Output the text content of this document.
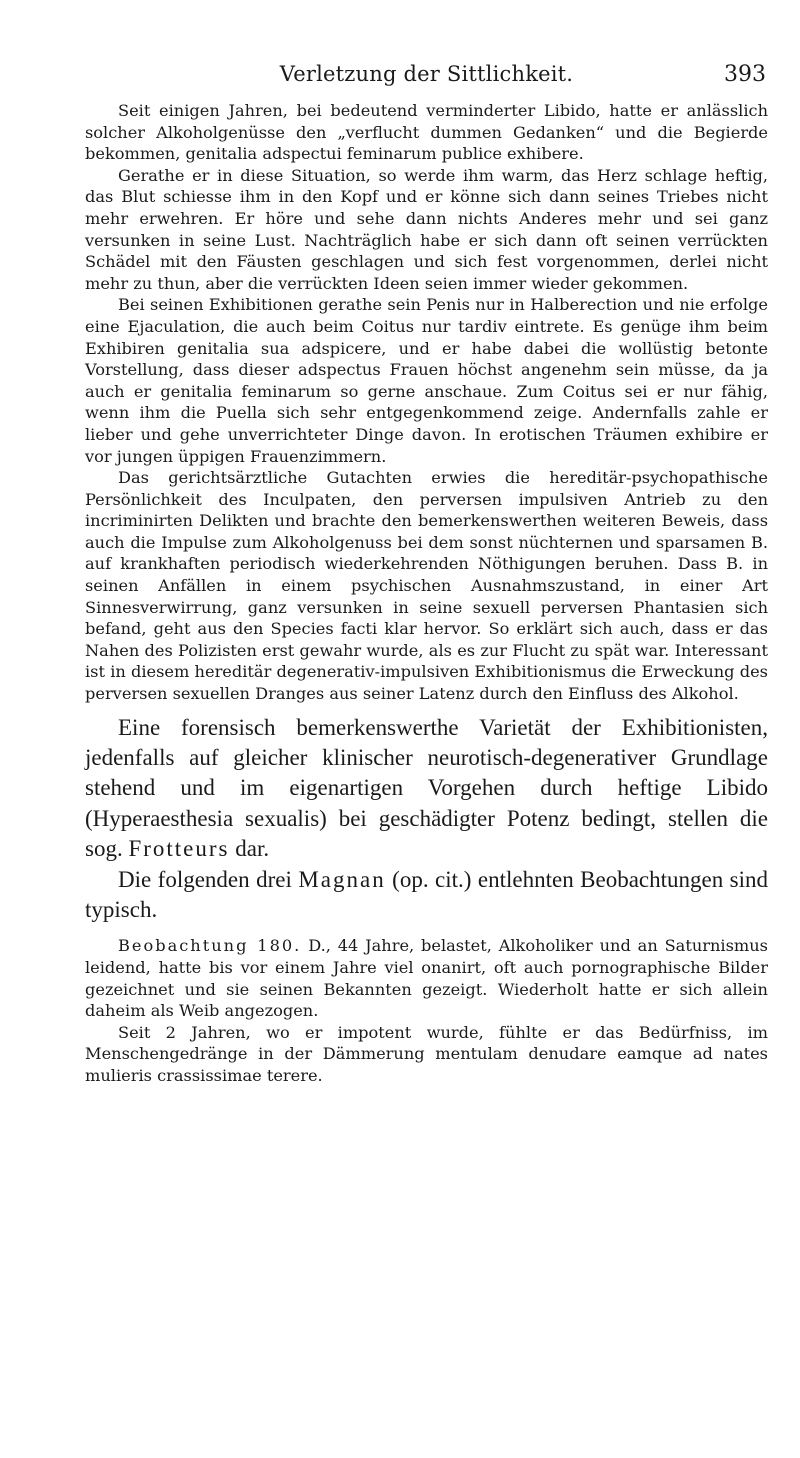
Verletzung der Sittlichkeit.	393

Seit einigen Jahren, bei bedeutend verminderter Libido, hatte er anlässlich solcher Alkoholgenüsse den „verflucht dummen Gedanken“ und die Begierde bekommen, genitalia adspectui feminarum publice exhibere.

Gerathe er in diese Situation, so werde ihm warm, das Herz schlage heftig, das Blut schiesse ihm in den Kopf und er könne sich dann seines Triebes nicht mehr erwehren. Er höre und sehe dann nichts Anderes mehr und sei ganz versunken in seine Lust. Nachträglich habe er sich dann oft seinen verrückten Schädel mit den Fäusten geschlagen und sich fest vorgenommen, derlei nicht mehr zu thun, aber die verrückten Ideen seien immer wieder gekommen.

Bei seinen Exhibitionen gerathe sein Penis nur in Halberection und nie erfolge eine Ejaculation, die auch beim Coitus nur tardiv eintrete. Es genüge ihm beim Exhibiren genitalia sua adspicere, und er habe dabei die wollüstig betonte Vorstellung, dass dieser adspectus Frauen höchst angenehm sein müsse, da ja auch er genitalia feminarum so gerne anschaue. Zum Coitus sei er nur fähig, wenn ihm die Puella sich sehr entgegenkommend zeige. Andernfalls zahle er lieber und gehe unverrichteter Dinge davon. In erotischen Träumen exhibire er vor jungen üppigen Frauenzimmern.

Das gerichtsärztliche Gutachten erwies die hereditär-psychopathische Persönlichkeit des Inculpaten, den perversen impulsiven Antrieb zu den incriminirten Delikten und brachte den bemerkenswerthen weiteren Beweis, dass auch die Impulse zum Alkoholgenuss bei dem sonst nüchternen und sparsamen B. auf krankhaften periodisch wiederkehrenden Nöthigungen beruhen. Dass B. in seinen Anfällen in einem psychischen Ausnahmszustand, in einer Art Sinnesverwirrung, ganz versunken in seine sexuell perversen Phantasien sich befand, geht aus den Species facti klar hervor. So erklärt sich auch, dass er das Nahen des Polizisten erst gewahr wurde, als es zur Flucht zu spät war. Interessant ist in diesem hereditär degenerativ-impulsiven Exhibitionismus die Erweckung des perversen sexuellen Dranges aus seiner Latenz durch den Einfluss des Alkohol.

Eine forensisch bemerkenswerthe Varietät der Exhibitionisten, jedenfalls auf gleicher klinischer neurotisch-degenerativer Grundlage stehend und im eigenartigen Vorgehen durch heftige Libido (Hyperaesthesia sexualis) bei geschädigter Potenz bedingt, stellen die sog. Frotteurs dar.

Die folgenden drei Magnan (op. cit.) entlehnten Beobachtungen sind typisch.

Beobachtung 180. D., 44 Jahre, belastet, Alkoholiker und an Saturnismus leidend, hatte bis vor einem Jahre viel onanirt, oft auch pornographische Bilder gezeichnet und sie seinen Bekannten gezeigt. Wiederholt hatte er sich allein daheim als Weib angezogen.

Seit 2 Jahren, wo er impotent wurde, fühlte er das Bedürfniss, im Menschengedränge in der Dämmerung mentulam denudare eamque ad nates mulieris crassissimae terere.
